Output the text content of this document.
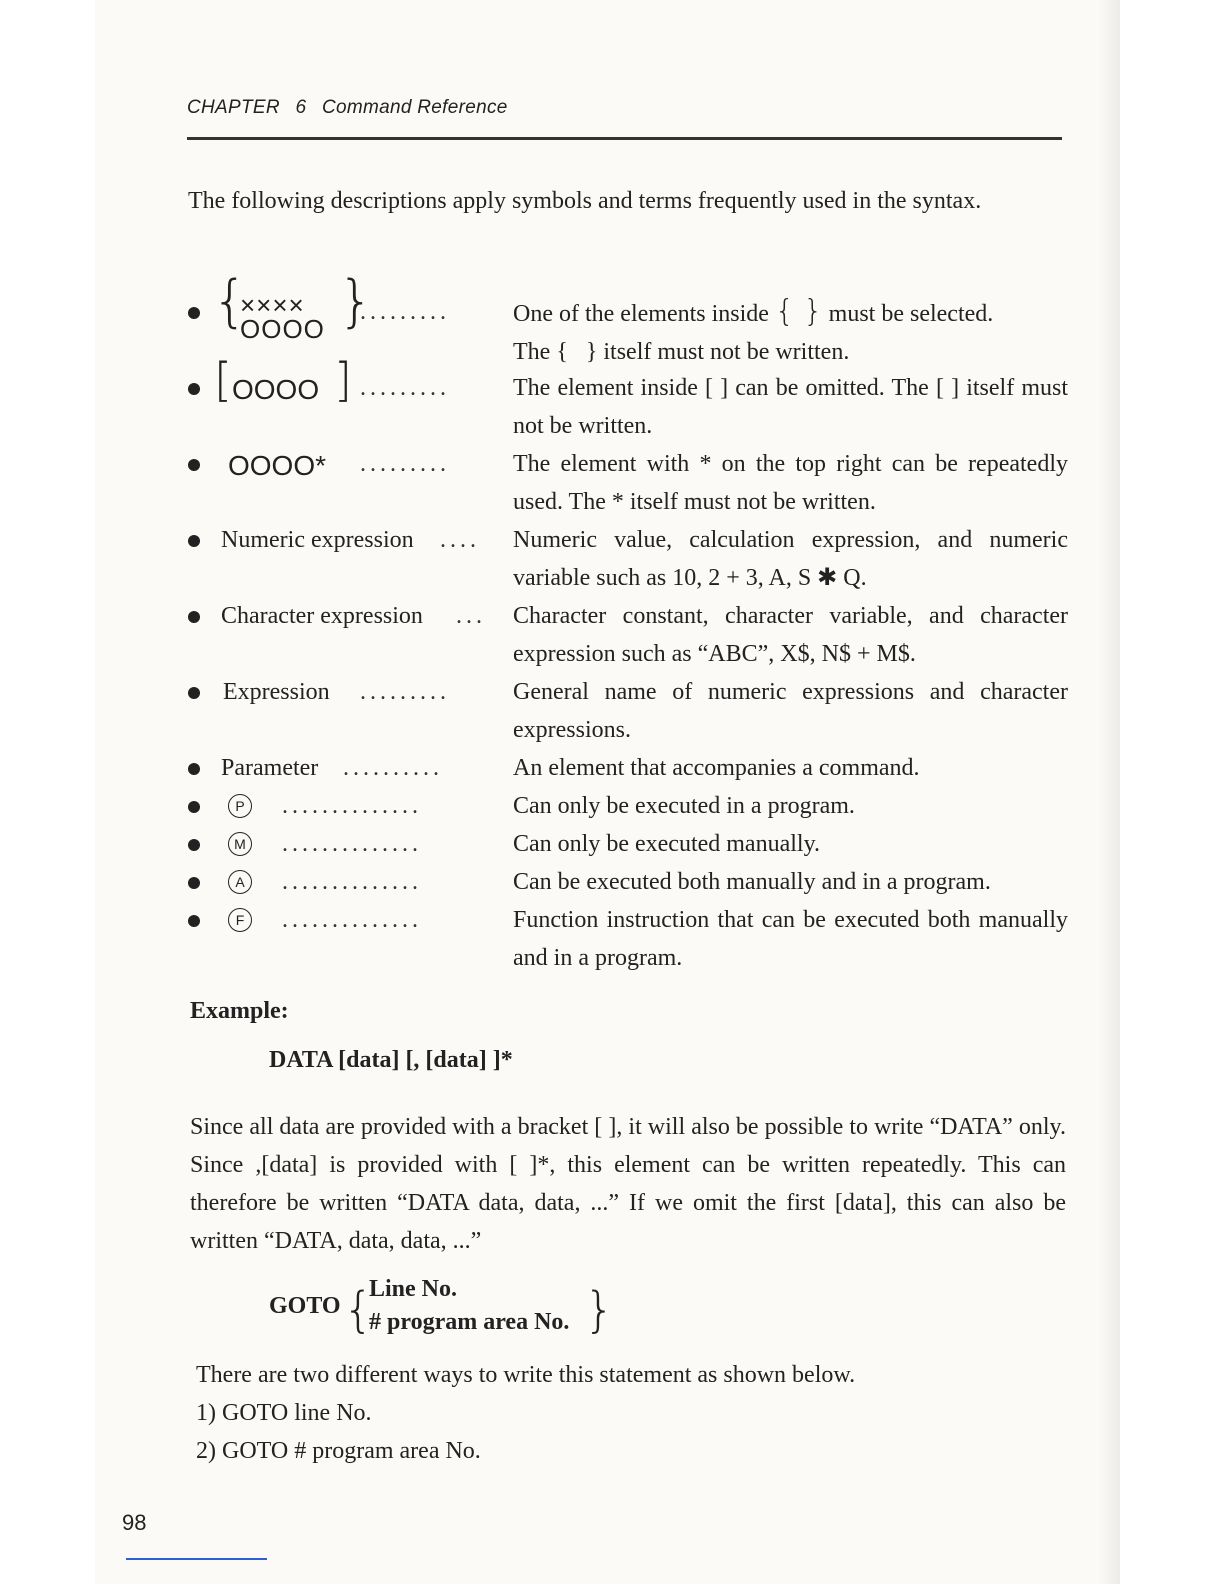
CHAPTER 6 Command Reference
The following descriptions apply symbols and terms frequently used in the syntax.
{
××××
OOOO }
.........	One of the elements inside { } must be selected.
The {   } itself must not be written.
[ OOOO ] .........	The element inside [ ] can be omitted. The [ ] itself must not be written.
OOOO* .........	The element with * on the top right can be repeatedly used. The * itself must not be written.
Numeric expression .... Numeric value, calculation expression, and numeric variable such as 10, 2 + 3, A, S ✱ Q.
Character expression ... Character constant, character variable, and character expression such as “ABC”, X$, N$ + M$.
Expression .........	General name of numeric expressions and character expressions.
Parameter ..........	An element that accompanies a command.
P	..............	Can only be executed in a program.
M ..............	Can only be executed manually.
A	..............	Can be executed both manually and in a program.
F	..............	Function instruction that can be executed both manually and in a program.
Example:
DATA [data] [, [data] ]*
Since all data are provided with a bracket [ ], it will also be possible to write “DATA” only. Since ,[data] is provided with [ ]*, this element can be written repeatedly. This can therefore be written “DATA data, data, ...” If we omit the first [data], this can also be written “DATA, data, data, ...”
GOTO {
Line No.
# program area No. }
There are two different ways to write this statement as shown below.
1) GOTO line No.
2) GOTO # program area No.
98
